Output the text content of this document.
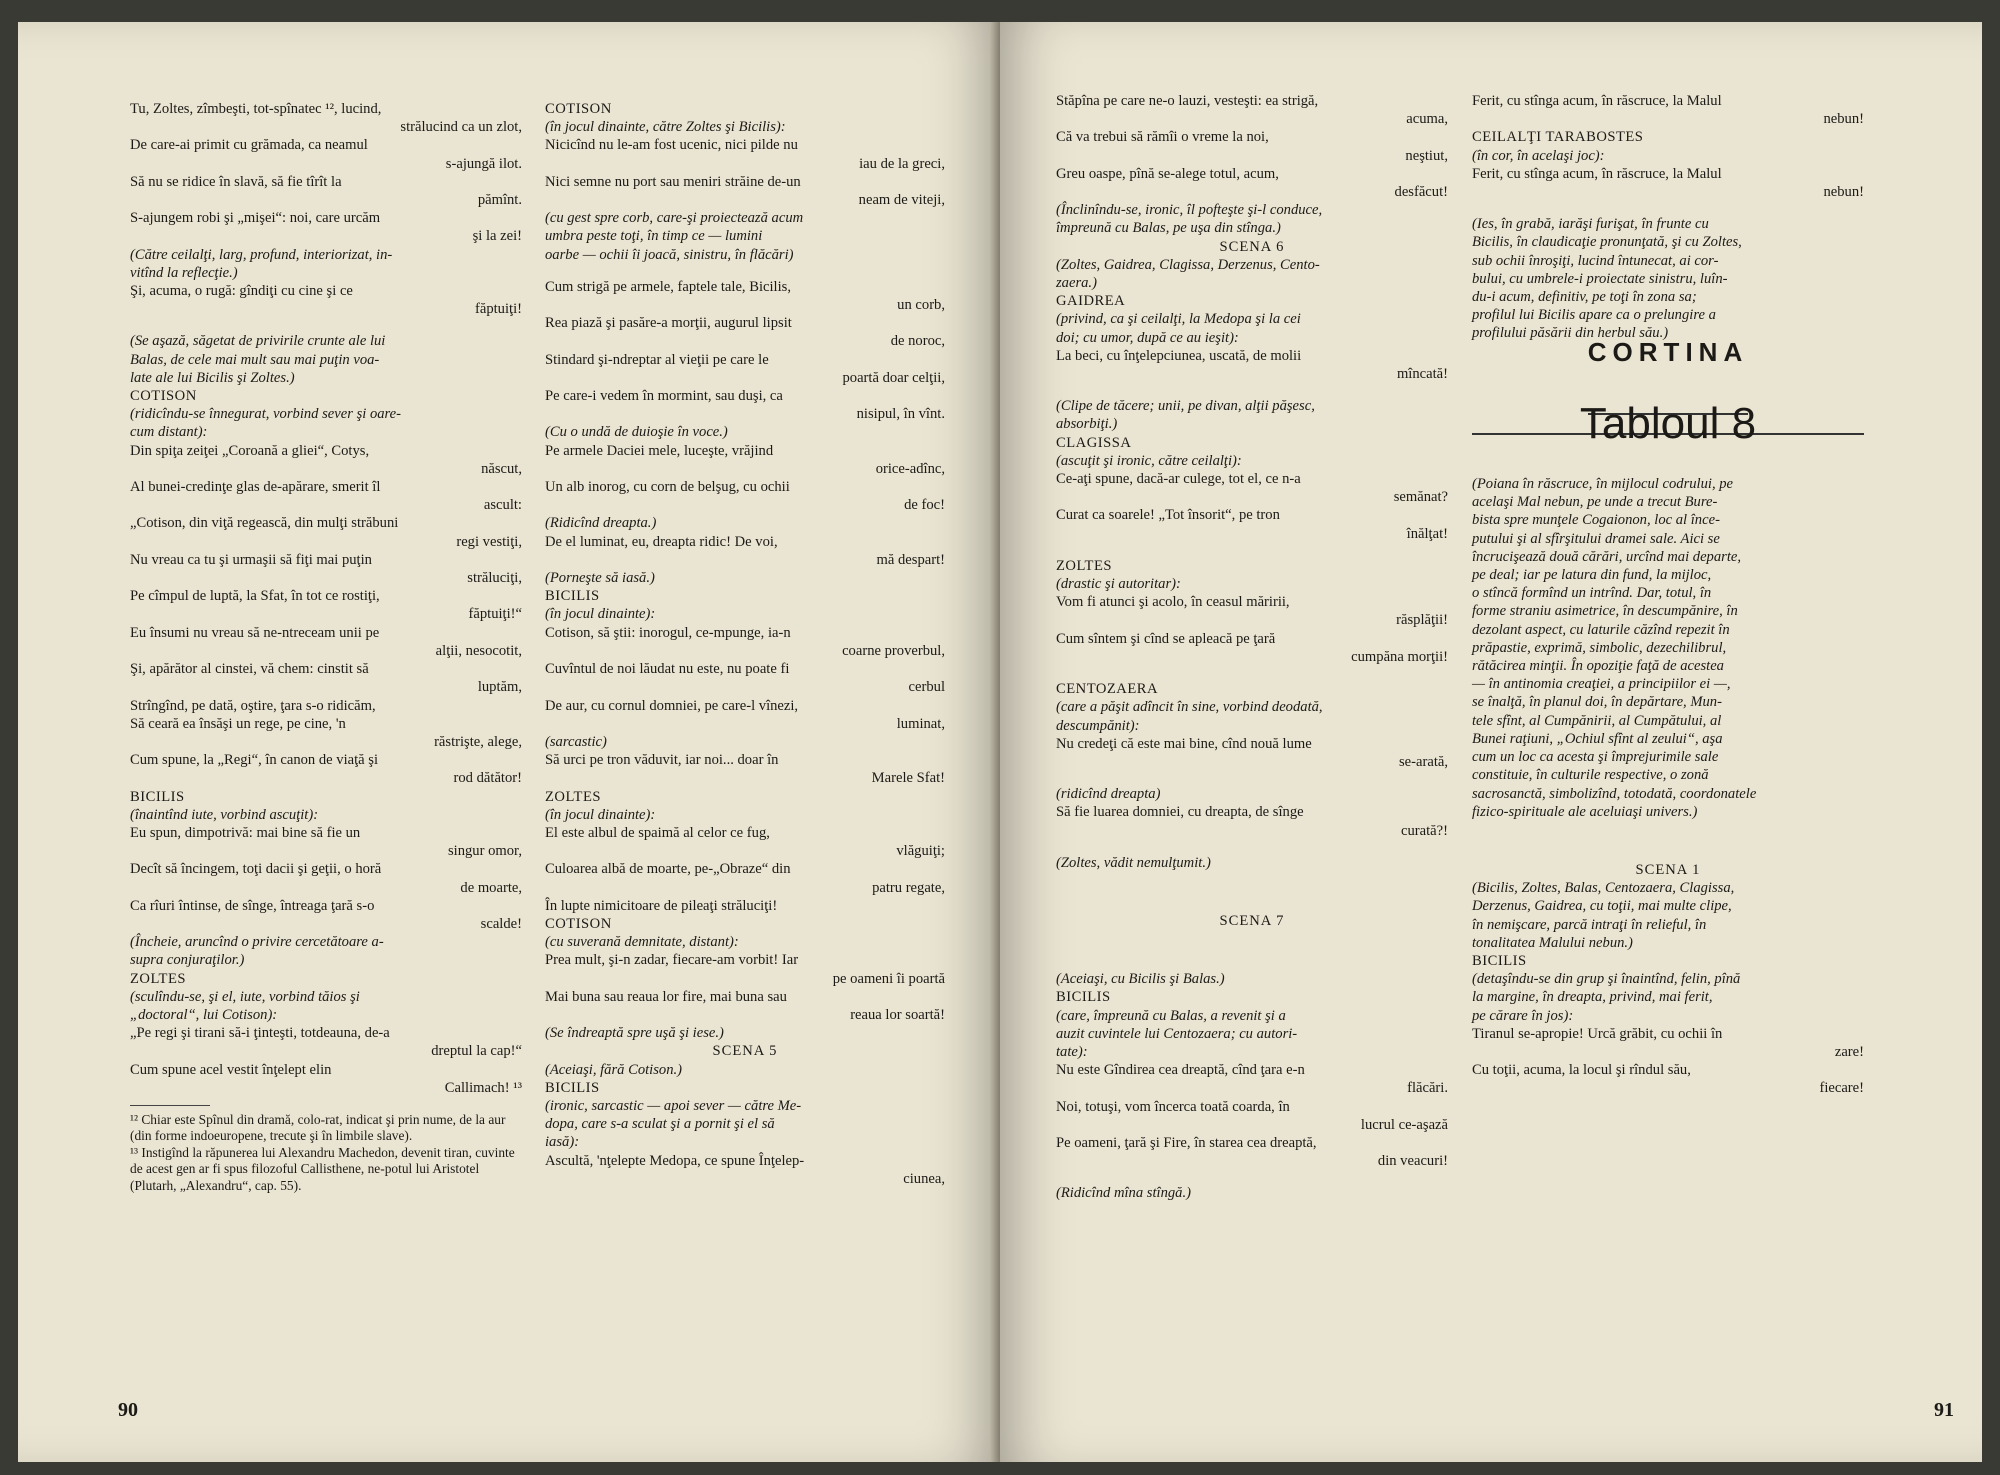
Tu, Zoltes, zîmbeşti, tot-spînatec ¹², lucind,

strălucind ca un zlot,

De care-ai primit cu grămada, ca neamul

s-ajungă ilot.

Să nu se ridice în slavă, să fie tîrît la

pămînt.

S-ajungem robi şi „mişei“: noi, care urcăm

şi la zei!

(Către ceilalţi, larg, profund, interiorizat, in-

vitînd la reflecţie.)

Şi, acuma, o rugă: gîndiţi cu cine şi ce

făptuiţi!

(Se aşază, săgetat de privirile crunte ale lui

Balas, de cele mai mult sau mai puţin voa-

late ale lui Bicilis şi Zoltes.)

COTISON

(ridicîndu-se înnegurat, vorbind sever şi oare-

cum distant):

Din spiţa zeiţei „Coroană a gliei“, Cotys,

născut,

Al bunei-credinţe glas de-apărare, smerit îl

ascult:

„Cotison, din viţă regească, din mulţi străbuni

regi vestiţi,

Nu vreau ca tu şi urmaşii să fiţi mai puţin

străluciţi,

Pe cîmpul de luptă, la Sfat, în tot ce rostiţi,

făptuiţi!“

Eu însumi nu vreau să ne-ntreceam unii pe

alţii, nesocotit,

Şi, apărător al cinstei, vă chem: cinstit să

luptăm,

Strîngînd, pe dată, oştire, ţara s-o ridicăm,

Să ceară ea însăşi un rege, pe cine, 'n

răstrişte, alege,

Cum spune, la „Regi“, în canon de viaţă şi

rod dătător!

BICILIS

(înaintînd iute, vorbind ascuţit):

Eu spun, dimpotrivă: mai bine să fie un

singur omor,

Decît să încingem, toţi dacii şi geţii, o horă

de moarte,

Ca rîuri întinse, de sînge, întreaga ţară s-o

scalde!

(Încheie, aruncînd o privire cercetătoare a-

supra conjuraţilor.)

ZOLTES

(sculîndu-se, şi el, iute, vorbind tăios şi

„doctoral“, lui Cotison):

„Pe regi şi tirani să-i ţinteşti, totdeauna, de-a

dreptul la cap!“

Cum spune acel vestit înţelept elin

Callimach! ¹³

¹² Chiar este Spînul din dramă, colo-rat, indicat şi prin nume, de la aur (din forme indoeuropene, trecute şi în limbile slave).

¹³ Instigînd la răpunerea lui Alexandru Machedon, devenit tiran, cuvinte de acest gen ar fi spus filozoful Callisthene, ne-potul lui Aristotel (Plutarh, „Alexandru“, cap. 55).

COTISON

(în jocul dinainte, către Zoltes şi Bicilis):

Nicicînd nu le-am fost ucenic, nici pilde nu

iau de la greci,

Nici semne nu port sau meniri străine de-un

neam de viteji,

(cu gest spre corb, care-şi proiectează acum

umbra peste toţi, în timp ce — lumini

oarbe — ochii îi joacă, sinistru, în flăcări)

Cum strigă pe armele, faptele tale, Bicilis,

un corb,

Rea piază şi pasăre-a morţii, augurul lipsit

de noroc,

Stindard şi-ndreptar al vieţii pe care le

poartă doar celţii,

Pe care-i vedem în mormint, sau duşi, ca

nisipul, în vînt.

(Cu o undă de duioşie în voce.)

Pe armele Daciei mele, luceşte, vrăjind

orice-adînc,

Un alb inorog, cu corn de belşug, cu ochii

de foc!

(Ridicînd dreapta.)

De el luminat, eu, dreapta ridic! De voi,

mă despart!

(Porneşte să iasă.)

BICILIS

(în jocul dinainte):

Cotison, să ştii: inorogul, ce-mpunge, ia-n

coarne proverbul,

Cuvîntul de noi lăudat nu este, nu poate fi

cerbul

De aur, cu cornul domniei, pe care-l vînezi,

luminat,

(sarcastic)

Să urci pe tron văduvit, iar noi... doar în

Marele Sfat!

ZOLTES

(în jocul dinainte):

El este albul de spaimă al celor ce fug,

vlăguiţi;

Culoarea albă de moarte, pe-„Obraze“ din

patru regate,

În lupte nimicitoare de pileaţi străluciţi!

COTISON

(cu suverană demnitate, distant):

Prea mult, şi-n zadar, fiecare-am vorbit! Iar

pe oameni îi poartă

Mai buna sau reaua lor fire, mai buna sau

reaua lor soartă!

(Se îndreaptă spre uşă şi iese.)

SCENA 5

(Aceiaşi, fără Cotison.)

BICILIS

(ironic, sarcastic — apoi sever — către Me-

dopa, care s-a sculat şi a pornit şi el să

iasă):

Ascultă, 'nţelepte Medopa, ce spune Înţelep-

ciunea,

90

Stăpîna pe care ne-o lauzi, vesteşti: ea strigă,

acuma,

Că va trebui să rămîi o vreme la noi,

neştiut,

Greu oaspe, pînă se-alege totul, acum,

desfăcut!

(Înclinîndu-se, ironic, îl pofteşte şi-l conduce,

împreună cu Balas, pe uşa din stînga.)

SCENA 6

(Zoltes, Gaidrea, Clagissa, Derzenus, Cento-

zaera.)

GAIDREA

(privind, ca şi ceilalţi, la Medopa şi la cei

doi; cu umor, după ce au ieşit):

La beci, cu înţelepciunea, uscată, de molii

mîncată!

(Clipe de tăcere; unii, pe divan, alţii păşesc,

absorbiţi.)

CLAGISSA

(ascuţit şi ironic, către ceilalţi):

Ce-aţi spune, dacă-ar culege, tot el, ce n-a

semănat?

Curat ca soarele! „Tot însorit“, pe tron

înălţat!

ZOLTES

(drastic şi autoritar):

Vom fi atunci şi acolo, în ceasul măririi,

răsplăţii!

Cum sîntem şi cînd se apleacă pe ţară

cumpăna morţii!

CENTOZAERA

(care a păşit adîncit în sine, vorbind deodată,

descumpănit):

Nu credeţi că este mai bine, cînd nouă lume

se-arată,

(ridicînd dreapta)

Să fie luarea domniei, cu dreapta, de sînge

curată?!

(Zoltes, vădit nemulţumit.)

SCENA 7

(Aceiaşi, cu Bicilis şi Balas.)

BICILIS

(care, împreună cu Balas, a revenit şi a

auzit cuvintele lui Centozaera; cu autori-

tate):

Nu este Gîndirea cea dreaptă, cînd ţara e-n

flăcări.

Noi, totuşi, vom încerca toată coarda, în

lucrul ce-aşază

Pe oameni, ţară şi Fire, în starea cea dreaptă,

din veacuri!

(Ridicînd mîna stîngă.)

Ferit, cu stînga acum, în răscruce, la Malul

nebun!

CEILALŢI TARABOSTES

(în cor, în acelaşi joc):

Ferit, cu stînga acum, în răscruce, la Malul

nebun!

(Ies, în grabă, iarăşi furişat, în frunte cu

Bicilis, în claudicaţie pronunţată, şi cu Zoltes,

sub ochii înroşiţi, lucind întunecat, ai cor-

bului, cu umbrele-i proiectate sinistru, luîn-

du-i acum, definitiv, pe toţi în zona sa;

profilul lui Bicilis apare ca o prelungire a

profilului păsării din herbul său.)

CORTINA

Tabloul 8

(Poiana în răscruce, în mijlocul codrului, pe

acelaşi Mal nebun, pe unde a trecut Bure-

bista spre munţele Cogaionon, loc al înce-

putului şi al sfîrşitului dramei sale. Aici se

încrucişează două cărări, urcînd mai departe,

pe deal; iar pe latura din fund, la mijloc,

o stîncă formînd un intrînd. Dar, totul, în

forme straniu asimetrice, în descumpănire, în

dezolant aspect, cu laturile căzînd repezit în

prăpastie, exprimă, simbolic, dezechilibrul,

rătăcirea minţii. În opoziţie faţă de acestea

— în antinomia creaţiei, a principiilor ei —,

se înalţă, în planul doi, în depărtare, Mun-

tele sfînt, al Cumpănirii, al Cumpătului, al

Bunei raţiuni, „Ochiul sfînt al zeului“, aşa

cum un loc ca acesta şi împrejurimile sale

constituie, în culturile respective, o zonă

sacrosanctă, simbolizînd, totodată, coordonatele

fizico-spirituale ale aceluiaşi univers.)

SCENA 1

(Bicilis, Zoltes, Balas, Centozaera, Clagissa,

Derzenus, Gaidrea, cu toţii, mai multe clipe,

în nemişcare, parcă intraţi în relieful, în

tonalitatea Malului nebun.)

BICILIS

(detaşîndu-se din grup şi înaintînd, felin, pînă

la margine, în dreapta, privind, mai ferit,

pe cărare în jos):

Tiranul se-apropie! Urcă grăbit, cu ochii în

zare!

Cu toţii, acuma, la locul şi rîndul său,

fiecare!

91
